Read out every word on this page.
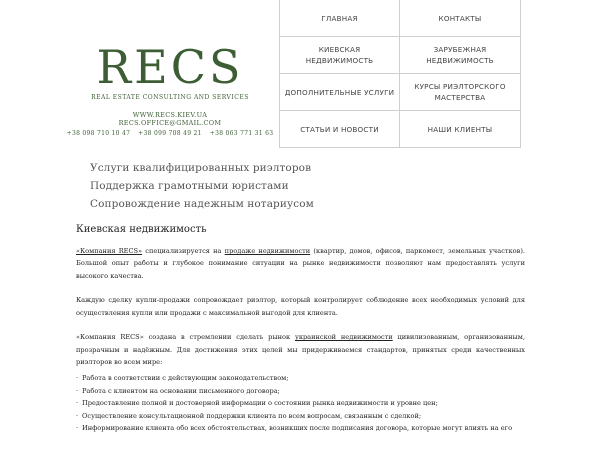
RECS
REAL ESTATE CONSULTING AND SERVICES
WWW.RECS.KIEV.UA
RECS.OFFICE@GMAIL.COM
+38 098 710 10 47 +38 099 708 49 21 +38 063 771 31 63
ГЛАВНАЯ	КОНТАКТЫ
КИЕВСКАЯ НЕДВИЖИМОСТЬ
ЗАРУБЕЖНАЯ НЕДВИЖИМОСТЬ
ДОПОЛНИТЕЛЬНЫЕ УСЛУГИ
КУРСЫ РИЭЛТОРСКОГО МАСТЕРСТВА
СТАТЬИ И НОВОСТИ	НАШИ КЛИЕНТЫ
Услуги квалифицированных риэлторов
Поддержка грамотными юристами
Сопровождение надежным нотариусом
Киевская недвижимость

«Компания RECS» специализируется на продаже недвижимости (квартир, домов, офисов, паркомест, земельных участков). Большой опыт работы и глубокое понимание ситуации на рынке недвижимости позволяют нам предоставлять услуги высокого качества.

Каждую сделку купли-продажи сопровождает риэлтор, который контролирует соблюдение всех необходимых условий для осуществления купли или продажи с максимальной выгодой для клиента.

«Компания RECS» создана в стремлении сделать рынок украинской недвижимости цивилизованным, организованным, прозрачным и надёжным. Для достижения этих целей мы придерживаемся стандартов, принятых среди качественных риэлторов во всем мире:

· Работа в соответствии с действующим законодательством;
· Работа с клиентом на основании письменного договора;
· Предоставление полной и достоверной информации о состоянии рынка недвижимости и уровне цен;
· Осуществление консультационной поддержки клиента по всем вопросам, связанным с сделкой;
· Информирование клиента обо всех обстоятельствах, возникших после подписания договора, которые могут влиять на его
